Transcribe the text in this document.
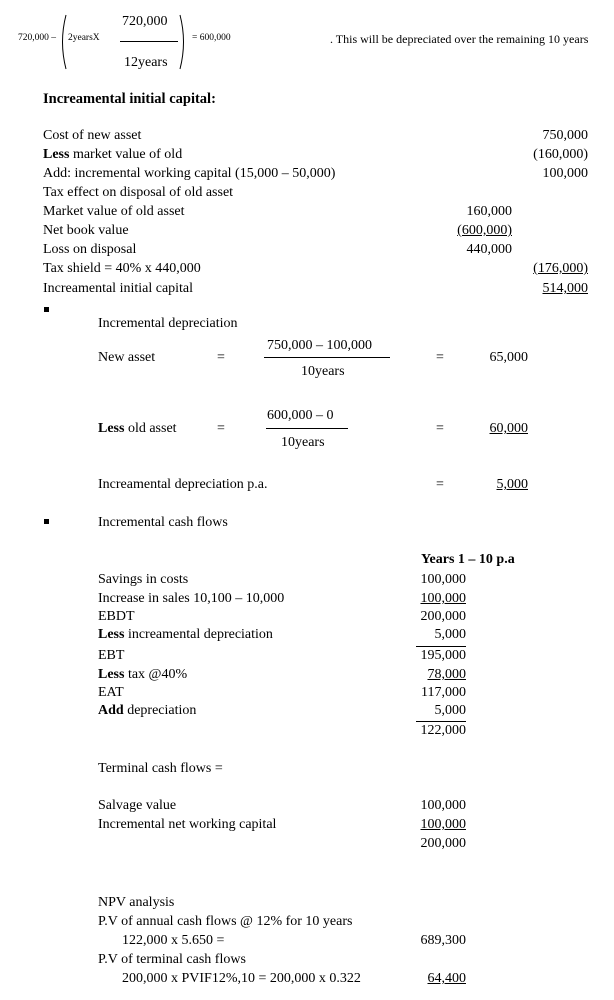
720,000 – 2yearsX
720,000
12years
= 600,000	. This will be depreciated over the remaining 10 years
Increamental initial capital:
Cost of new asset	750,000
Less market value of old	(160,000)
Add: incremental working capital (15,000 – 50,000)	100,000
Tax effect on disposal of old asset
Market value of old asset	160,000
Net book value	(600,000)
Loss on disposal	440,000
Tax shield = 40% x 440,000	(176,000)
Increamental initial capital	514,000
Incremental depreciation
New asset	=
750,000 – 100,000
10years
=	65,000
Less old asset	=
600,000 – 0
10years
=	60,000
Increamental depreciation p.a.	=	5,000
Incremental cash flows
Years 1 – 10 p.a
Savings in costs	100,000
Increase in sales 10,100 – 10,000	100,000
EBDT	200,000
Less increamental depreciation	5,000
EBT	195,000
Less tax @40%	78,000
EAT	117,000
Add depreciation	5,000
122,000
Terminal cash flows =
Salvage value	100,000
Incremental net working capital	100,000
200,000
NPV analysis
P.V of annual cash flows @ 12% for 10 years
122,000 x 5.650 =	689,300
P.V of terminal cash flows
200,000 x PVIF12%,10 = 200,000 x 0.322	64,400
